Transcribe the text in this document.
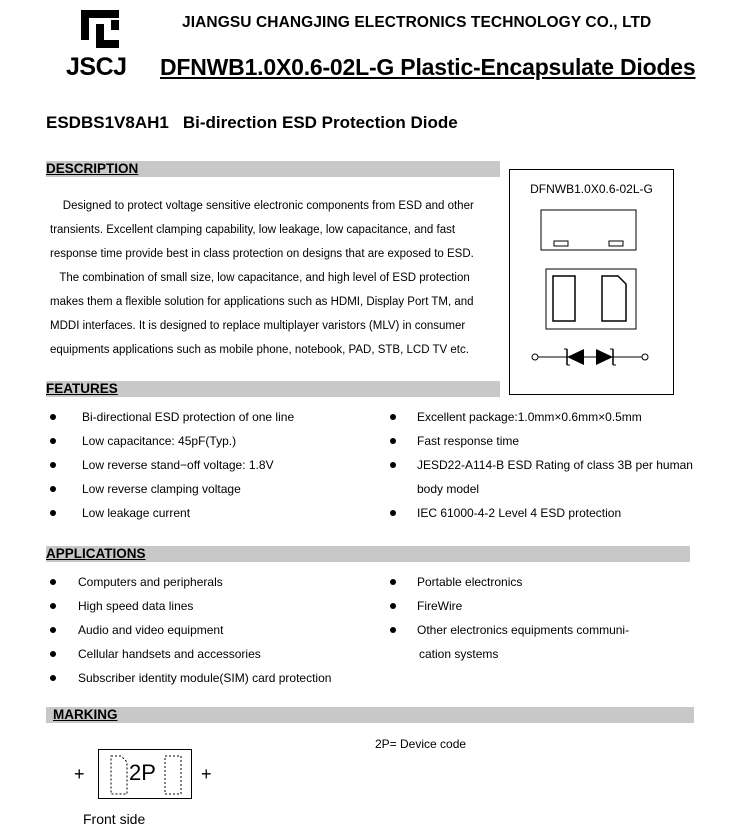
JSCJ
JIANGSU CHANGJING ELECTRONICS TECHNOLOGY CO., LTD
DFNWB1.0X0.6-02L-G Plastic-Encapsulate Diodes
ESDBS1V8AH1 Bi-direction ESD Protection Diode
DESCRIPTION

Designed to protect voltage sensitive electronic components from ESD and other

transients. Excellent clamping capability, low leakage, low capacitance, and fast

response time provide best in class protection on designs that are exposed to ESD.

The combination of small size, low capacitance, and high level of ESD protection

makes them a flexible solution for applications such as HDMI, Display Port TM, and

MDDI interfaces. It is designed to replace multiplayer varistors (MLV) in consumer

equipments applications such as mobile phone, notebook, PAD, STB, LCD TV etc.

DFNWB1.0X0.6-02L-G
FEATURES
Bi-directional ESD protection of one line
Low capacitance: 45pF(Typ.)
Low reverse stand−off voltage: 1.8V
Low reverse clamping voltage
Low leakage current
Excellent package:1.0mm×0.6mm×0.5mm
Fast response time
JESD22-A114-B ESD Rating of class 3B per human
body model
IEC 61000-4-2 Level 4 ESD protection
APPLICATIONS
Computers and peripherals
High speed data lines
Audio and video equipment
Cellular handsets and accessories
Subscriber identity module(SIM) card protection
Portable electronics
FireWire
Other electronics equipments communi-
cation systems
MARKING
2P= Device code
+ 2P	+
Front side
